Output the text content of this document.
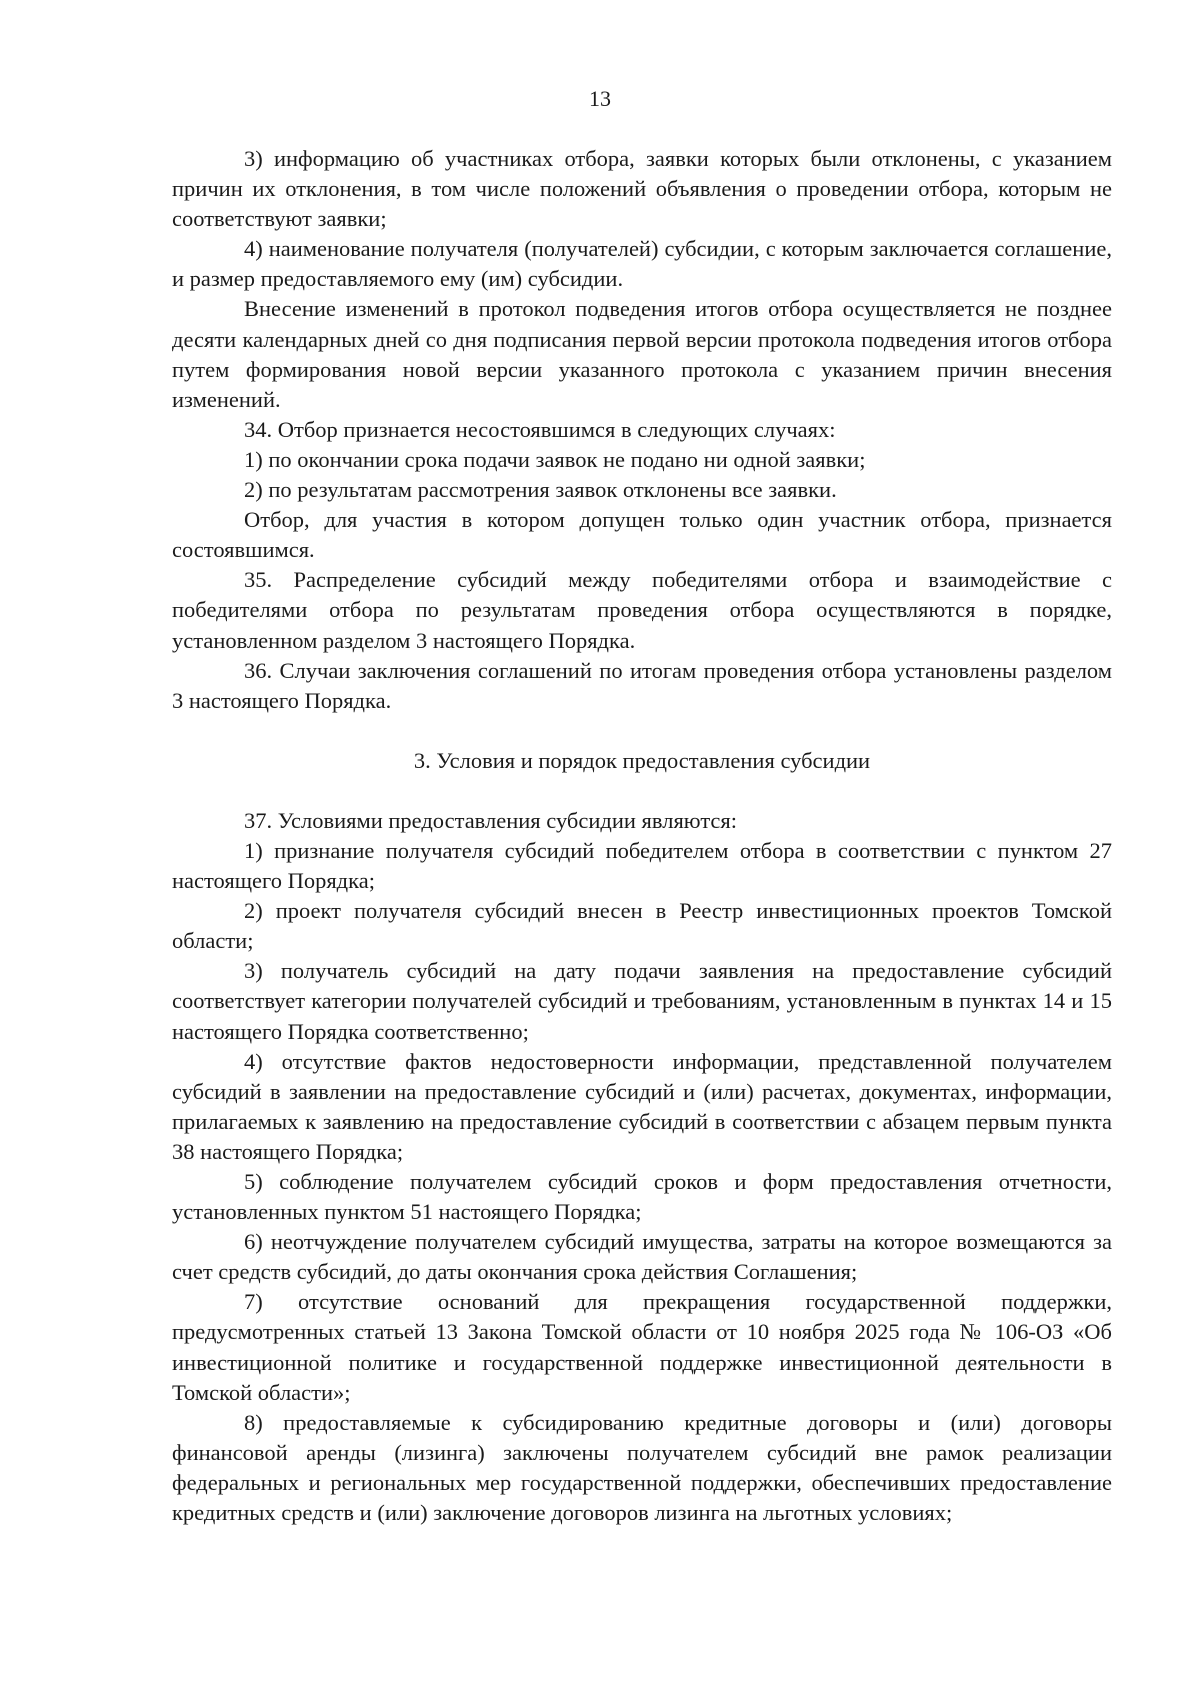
13

3) информацию об участниках отбора, заявки которых были отклонены, с указанием причин их отклонения, в том числе положений объявления о проведении отбора, которым не соответствуют заявки;

4) наименование получателя (получателей) субсидии, с которым заключается соглашение, и размер предоставляемого ему (им) субсидии.

Внесение изменений в протокол подведения итогов отбора осуществляется не позднее десяти календарных дней со дня подписания первой версии протокола подведения итогов отбора путем формирования новой версии указанного протокола с указанием причин внесения изменений.

34. Отбор признается несостоявшимся в следующих случаях:

1) по окончании срока подачи заявок не подано ни одной заявки;

2) по результатам рассмотрения заявок отклонены все заявки.

Отбор, для участия в котором допущен только один участник отбора, признается состоявшимся.

35. Распределение субсидий между победителями отбора и взаимодействие с победителями отбора по результатам проведения отбора осуществляются в порядке, установленном разделом 3 настоящего Порядка.

36. Случаи заключения соглашений по итогам проведения отбора установлены разделом 3 настоящего Порядка.

3. Условия и порядок предоставления субсидии

37. Условиями предоставления субсидии являются:

1) признание получателя субсидий победителем отбора в соответствии с пунктом 27 настоящего Порядка;

2) проект получателя субсидий внесен в Реестр инвестиционных проектов Томской области;

3) получатель субсидий на дату подачи заявления на предоставление субсидий соответствует категории получателей субсидий и требованиям, установленным в пунктах 14 и 15 настоящего Порядка соответственно;

4) отсутствие фактов недостоверности информации, представленной получателем субсидий в заявлении на предоставление субсидий и (или) расчетах, документах, информации, прилагаемых к заявлению на предоставление субсидий в соответствии с абзацем первым пункта 38 настоящего Порядка;

5) соблюдение получателем субсидий сроков и форм предоставления отчетности, установленных пунктом 51 настоящего Порядка;

6) неотчуждение получателем субсидий имущества, затраты на которое возмещаются за счет средств субсидий, до даты окончания срока действия Соглашения;

7) отсутствие оснований для прекращения государственной поддержки, предусмотренных статьей 13 Закона Томской области от 10 ноября 2025 года № 106-ОЗ «Об инвестиционной политике и государственной поддержке инвестиционной деятельности в Томской области»;

8) предоставляемые к субсидированию кредитные договоры и (или) договоры финансовой аренды (лизинга) заключены получателем субсидий вне рамок реализации федеральных и региональных мер государственной поддержки, обеспечивших предоставление кредитных средств и (или) заключение договоров лизинга на льготных условиях;
